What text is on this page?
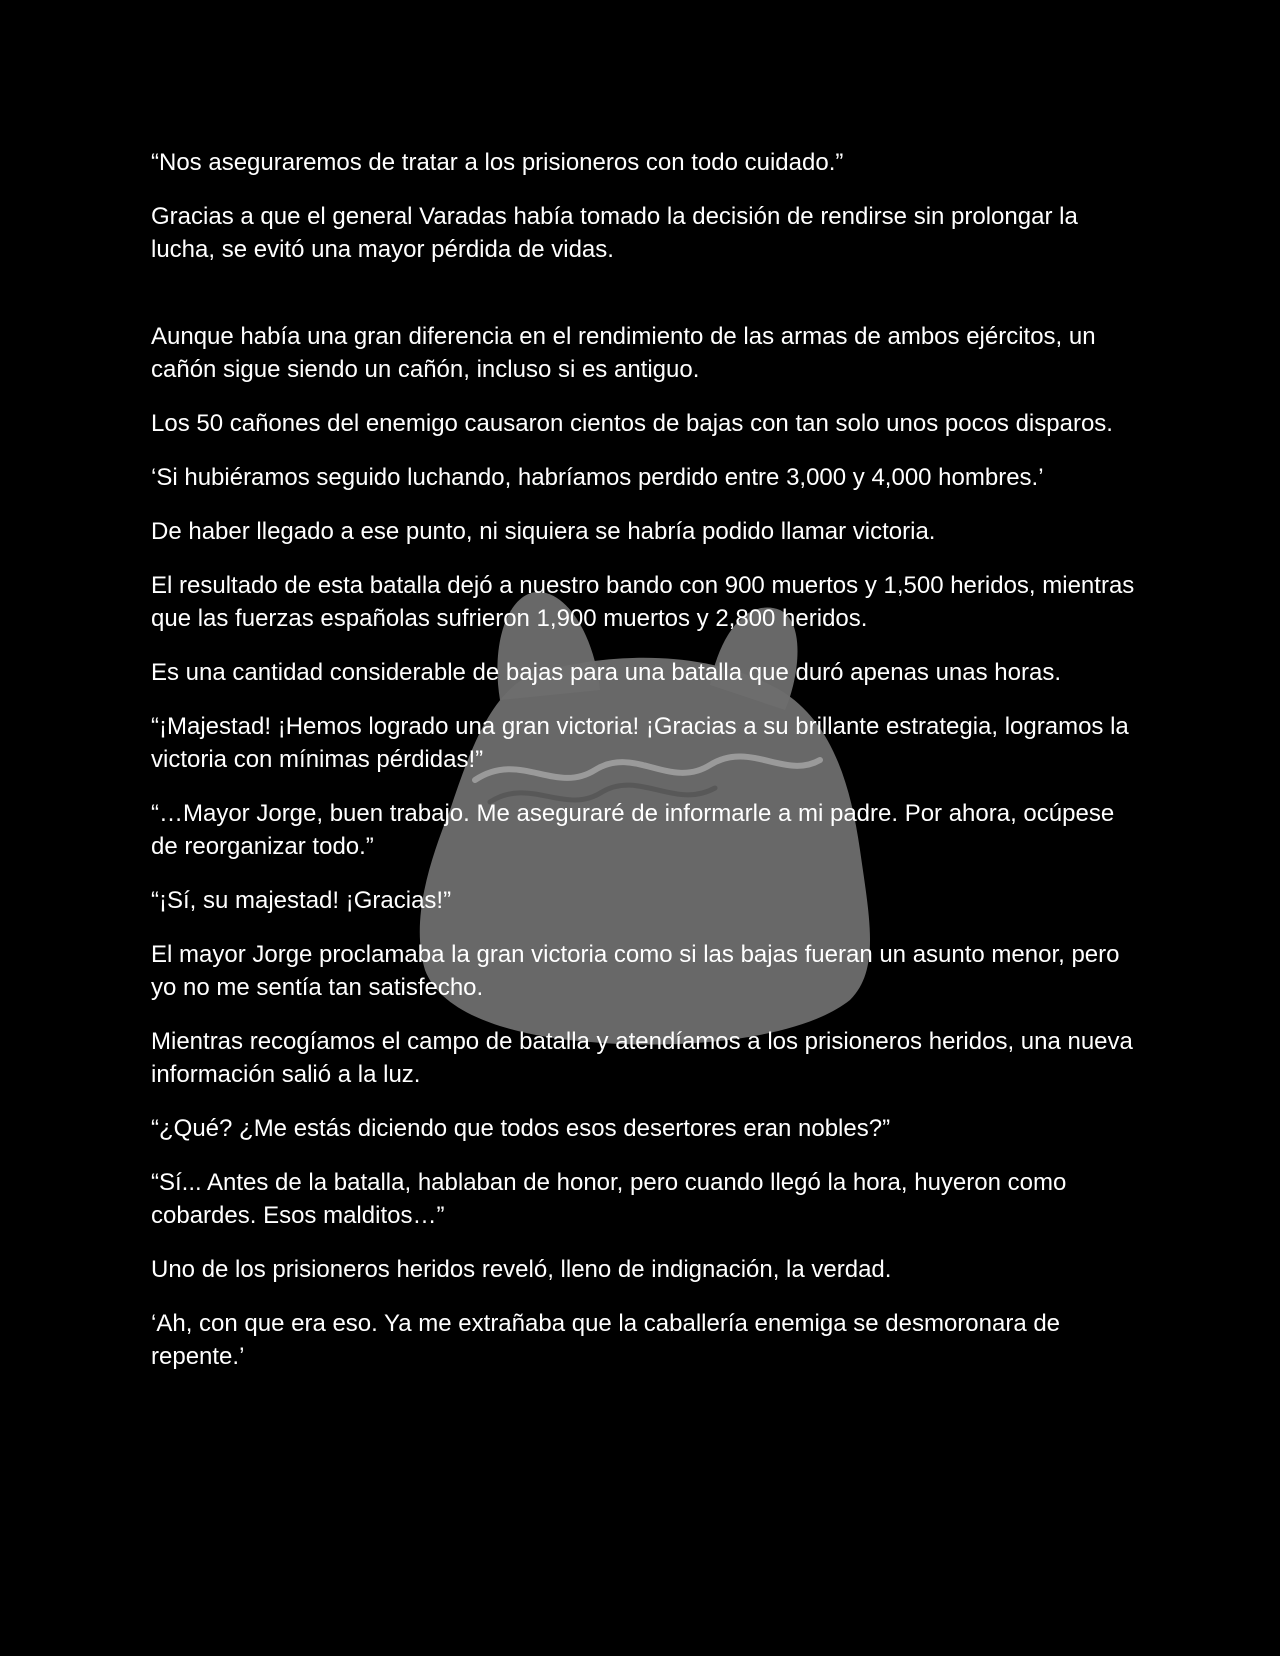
“Nos aseguraremos de tratar a los prisioneros con todo cuidado.”

Gracias a que el general Varadas había tomado la decisión de rendirse sin prolongar la lucha, se evitó una mayor pérdida de vidas.

Aunque había una gran diferencia en el rendimiento de las armas de ambos ejércitos, un cañón sigue siendo un cañón, incluso si es antiguo.

Los 50 cañones del enemigo causaron cientos de bajas con tan solo unos pocos disparos.

‘Si hubiéramos seguido luchando, habríamos perdido entre 3,000 y 4,000 hombres.’

De haber llegado a ese punto, ni siquiera se habría podido llamar victoria.

El resultado de esta batalla dejó a nuestro bando con 900 muertos y 1,500 heridos, mientras que las fuerzas españolas sufrieron 1,900 muertos y 2,800 heridos.

Es una cantidad considerable de bajas para una batalla que duró apenas unas horas.

“¡Majestad! ¡Hemos logrado una gran victoria! ¡Gracias a su brillante estrategia, logramos la victoria con mínimas pérdidas!”

“…Mayor Jorge, buen trabajo. Me aseguraré de informarle a mi padre. Por ahora, ocúpese de reorganizar todo.”

“¡Sí, su majestad! ¡Gracias!”

El mayor Jorge proclamaba la gran victoria como si las bajas fueran un asunto menor, pero yo no me sentía tan satisfecho.

Mientras recogíamos el campo de batalla y atendíamos a los prisioneros heridos, una nueva información salió a la luz.

“¿Qué? ¿Me estás diciendo que todos esos desertores eran nobles?”

“Sí... Antes de la batalla, hablaban de honor, pero cuando llegó la hora, huyeron como cobardes. Esos malditos…”

Uno de los prisioneros heridos reveló, lleno de indignación, la verdad.

‘Ah, con que era eso. Ya me extrañaba que la caballería enemiga se desmoronara de repente.’
